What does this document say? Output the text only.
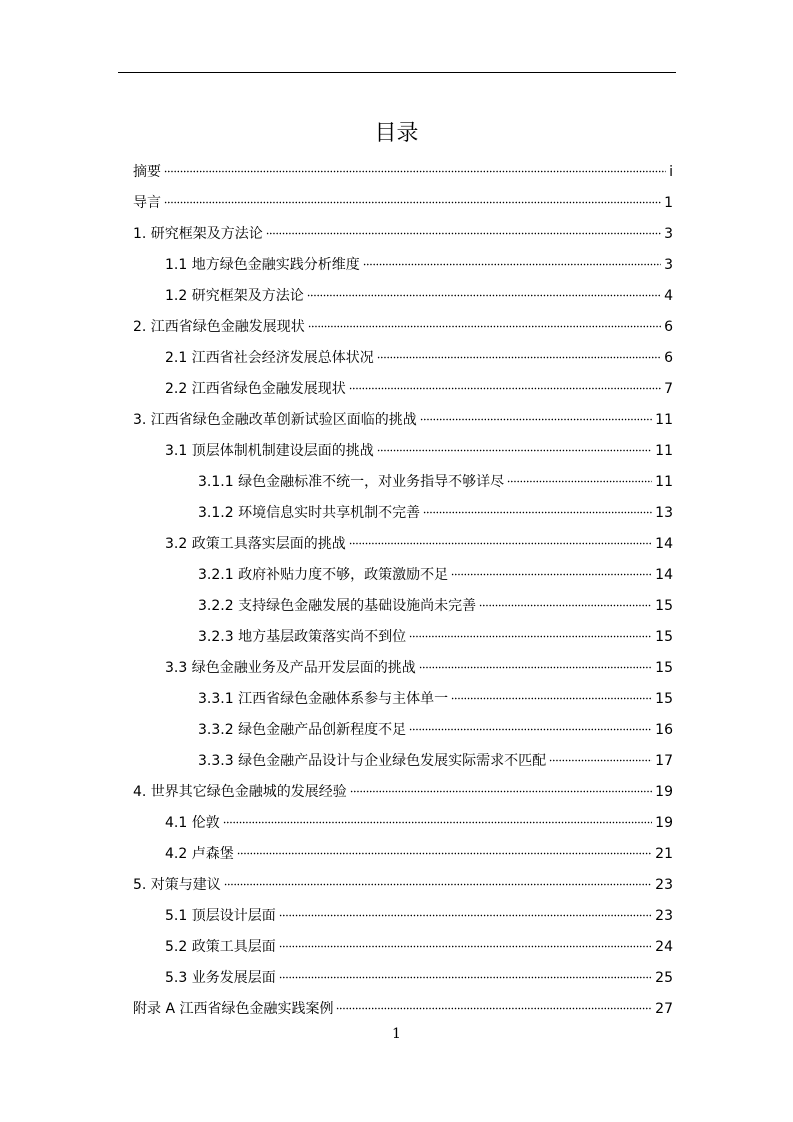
目录
摘要	i
导言	1
1. 研究框架及方法论	3
1.1 地方绿色金融实践分析维度	3
1.2 研究框架及方法论	4
2. 江西省绿色金融发展现状	6
2.1 江西省社会经济发展总体状况	6
2.2 江西省绿色金融发展现状	7
3. 江西省绿色金融改革创新试验区面临的挑战	11
3.1 顶层体制机制建设层面的挑战	11
3.1.1 绿色金融标准不统一，对业务指导不够详尽	11
3.1.2 环境信息实时共享机制不完善	13
3.2 政策工具落实层面的挑战	14
3.2.1 政府补贴力度不够，政策激励不足	14
3.2.2 支持绿色金融发展的基础设施尚未完善	15
3.2.3 地方基层政策落实尚不到位	15
3.3 绿色金融业务及产品开发层面的挑战	15
3.3.1 江西省绿色金融体系参与主体单一	15
3.3.2 绿色金融产品创新程度不足	16
3.3.3 绿色金融产品设计与企业绿色发展实际需求不匹配	17
4. 世界其它绿色金融城的发展经验	19
4.1 伦敦	19
4.2 卢森堡	21
5. 对策与建议	23
5.1 顶层设计层面	23
5.2 政策工具层面	24
5.3 业务发展层面	25
附录 A 江西省绿色金融实践案例	27
1
